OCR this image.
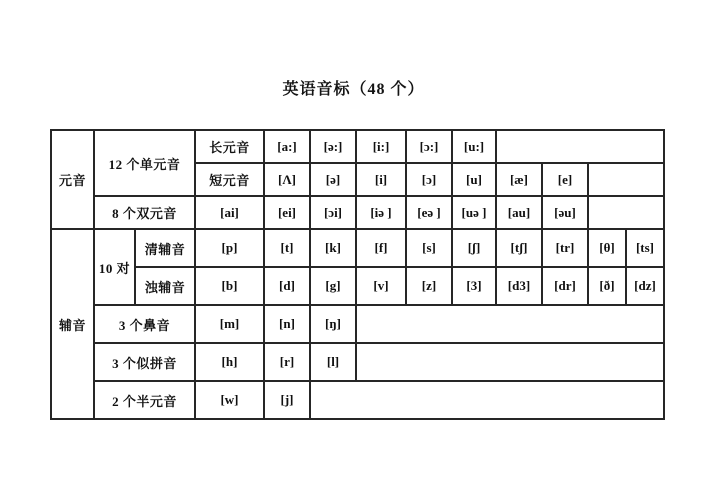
英语音标（48 个）
元音	12 个单元音		长元音	[a:]	[ə:]	[i:]	[ɔ:]	[u:]				
			短元音	[Λ]	[ə]	[i]	[ɔ]	[u]	[æ]	[e]		
	8 个双元音		[ai]	[ei]	[ɔi]	[iə ]	[eə ]	[uə ]	[au]	[əu]		
辅音	10 对	清辅音	[p]	[t]	[k]	[f]	[s]	[ʃ]	[tʃ]	[tr]	[θ]	[ts]
		浊辅音	[b]	[d]	[g]	[v]	[z]	[3]	[d3]	[dr]	[ð]	[dz]
	3 个鼻音		[m]	[n]	[ŋ]							
	3 个似拼音		[h]	[r]	[l]							
	2 个半元音		[w]	[j]								
